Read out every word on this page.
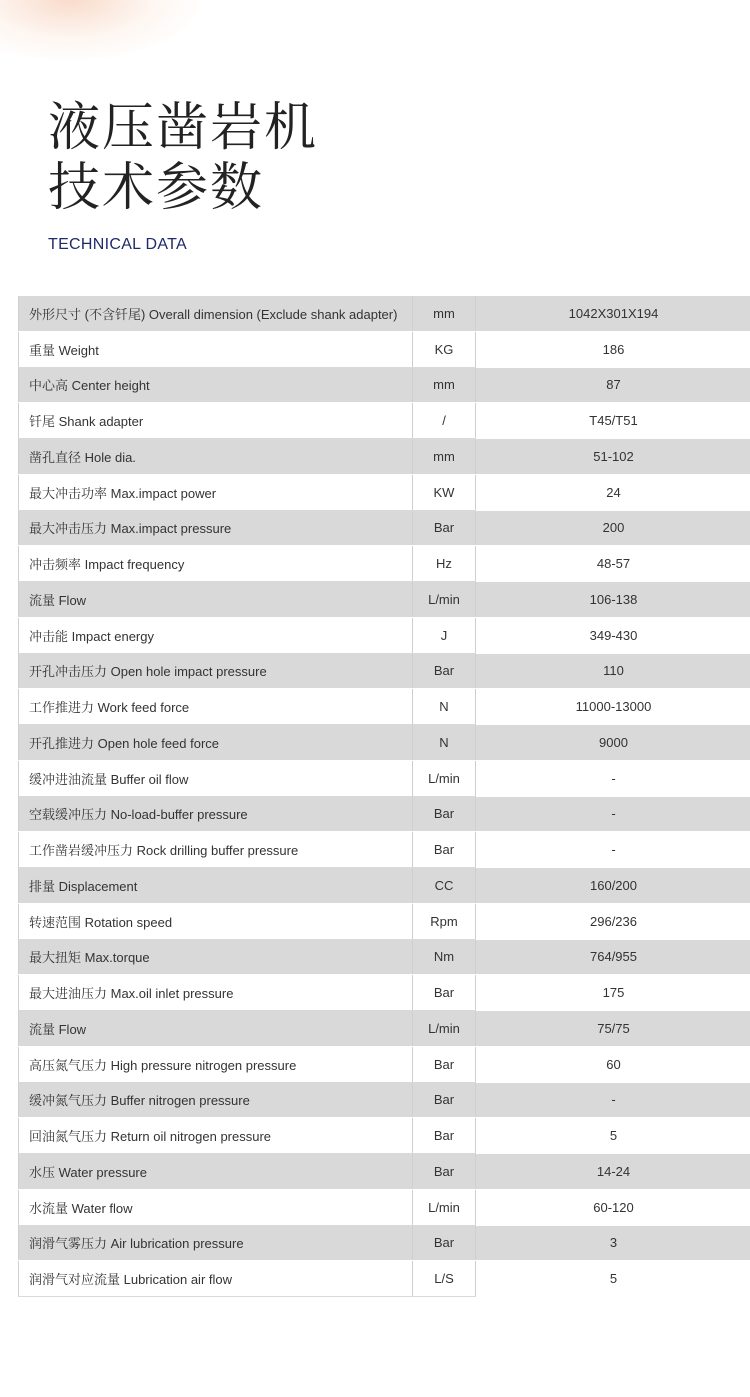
液压凿岩机
技术参数
TECHNICAL DATA
外形尺寸 (不含钎尾) Overall dimension (Exclude shank adapter)	mm	1042X301X194
重量 Weight	KG	186
中心高 Center height	mm	87
钎尾 Shank adapter	/	T45/T51
凿孔直径 Hole dia.	mm	51-102
最大冲击功率 Max.impact power	KW	24
最大冲击压力 Max.impact pressure	Bar	200
冲击频率 Impact frequency	Hz	48-57
流量 Flow	L/min	106-138
冲击能 Impact energy	J	349-430
开孔冲击压力 Open hole impact pressure	Bar	110
工作推进力 Work feed force	N	11000-13000
开孔推进力 Open hole feed force	N	9000
缓冲进油流量 Buffer oil flow	L/min	-
空载缓冲压力 No-load-buffer pressure	Bar	-
工作凿岩缓冲压力 Rock drilling buffer pressure	Bar	-
排量 Displacement	CC	160/200
转速范围 Rotation speed	Rpm	296/236
最大扭矩 Max.torque	Nm	764/955
最大进油压力 Max.oil inlet pressure	Bar	175
流量 Flow	L/min	75/75
高压氮气压力 High pressure nitrogen pressure	Bar	60
缓冲氮气压力 Buffer nitrogen pressure	Bar	-
回油氮气压力 Return oil nitrogen pressure	Bar	5
水压 Water pressure	Bar	14-24
水流量 Water flow	L/min	60-120
润滑气雾压力 Air lubrication pressure	Bar	3
润滑气对应流量 Lubrication air flow	L/S	5
